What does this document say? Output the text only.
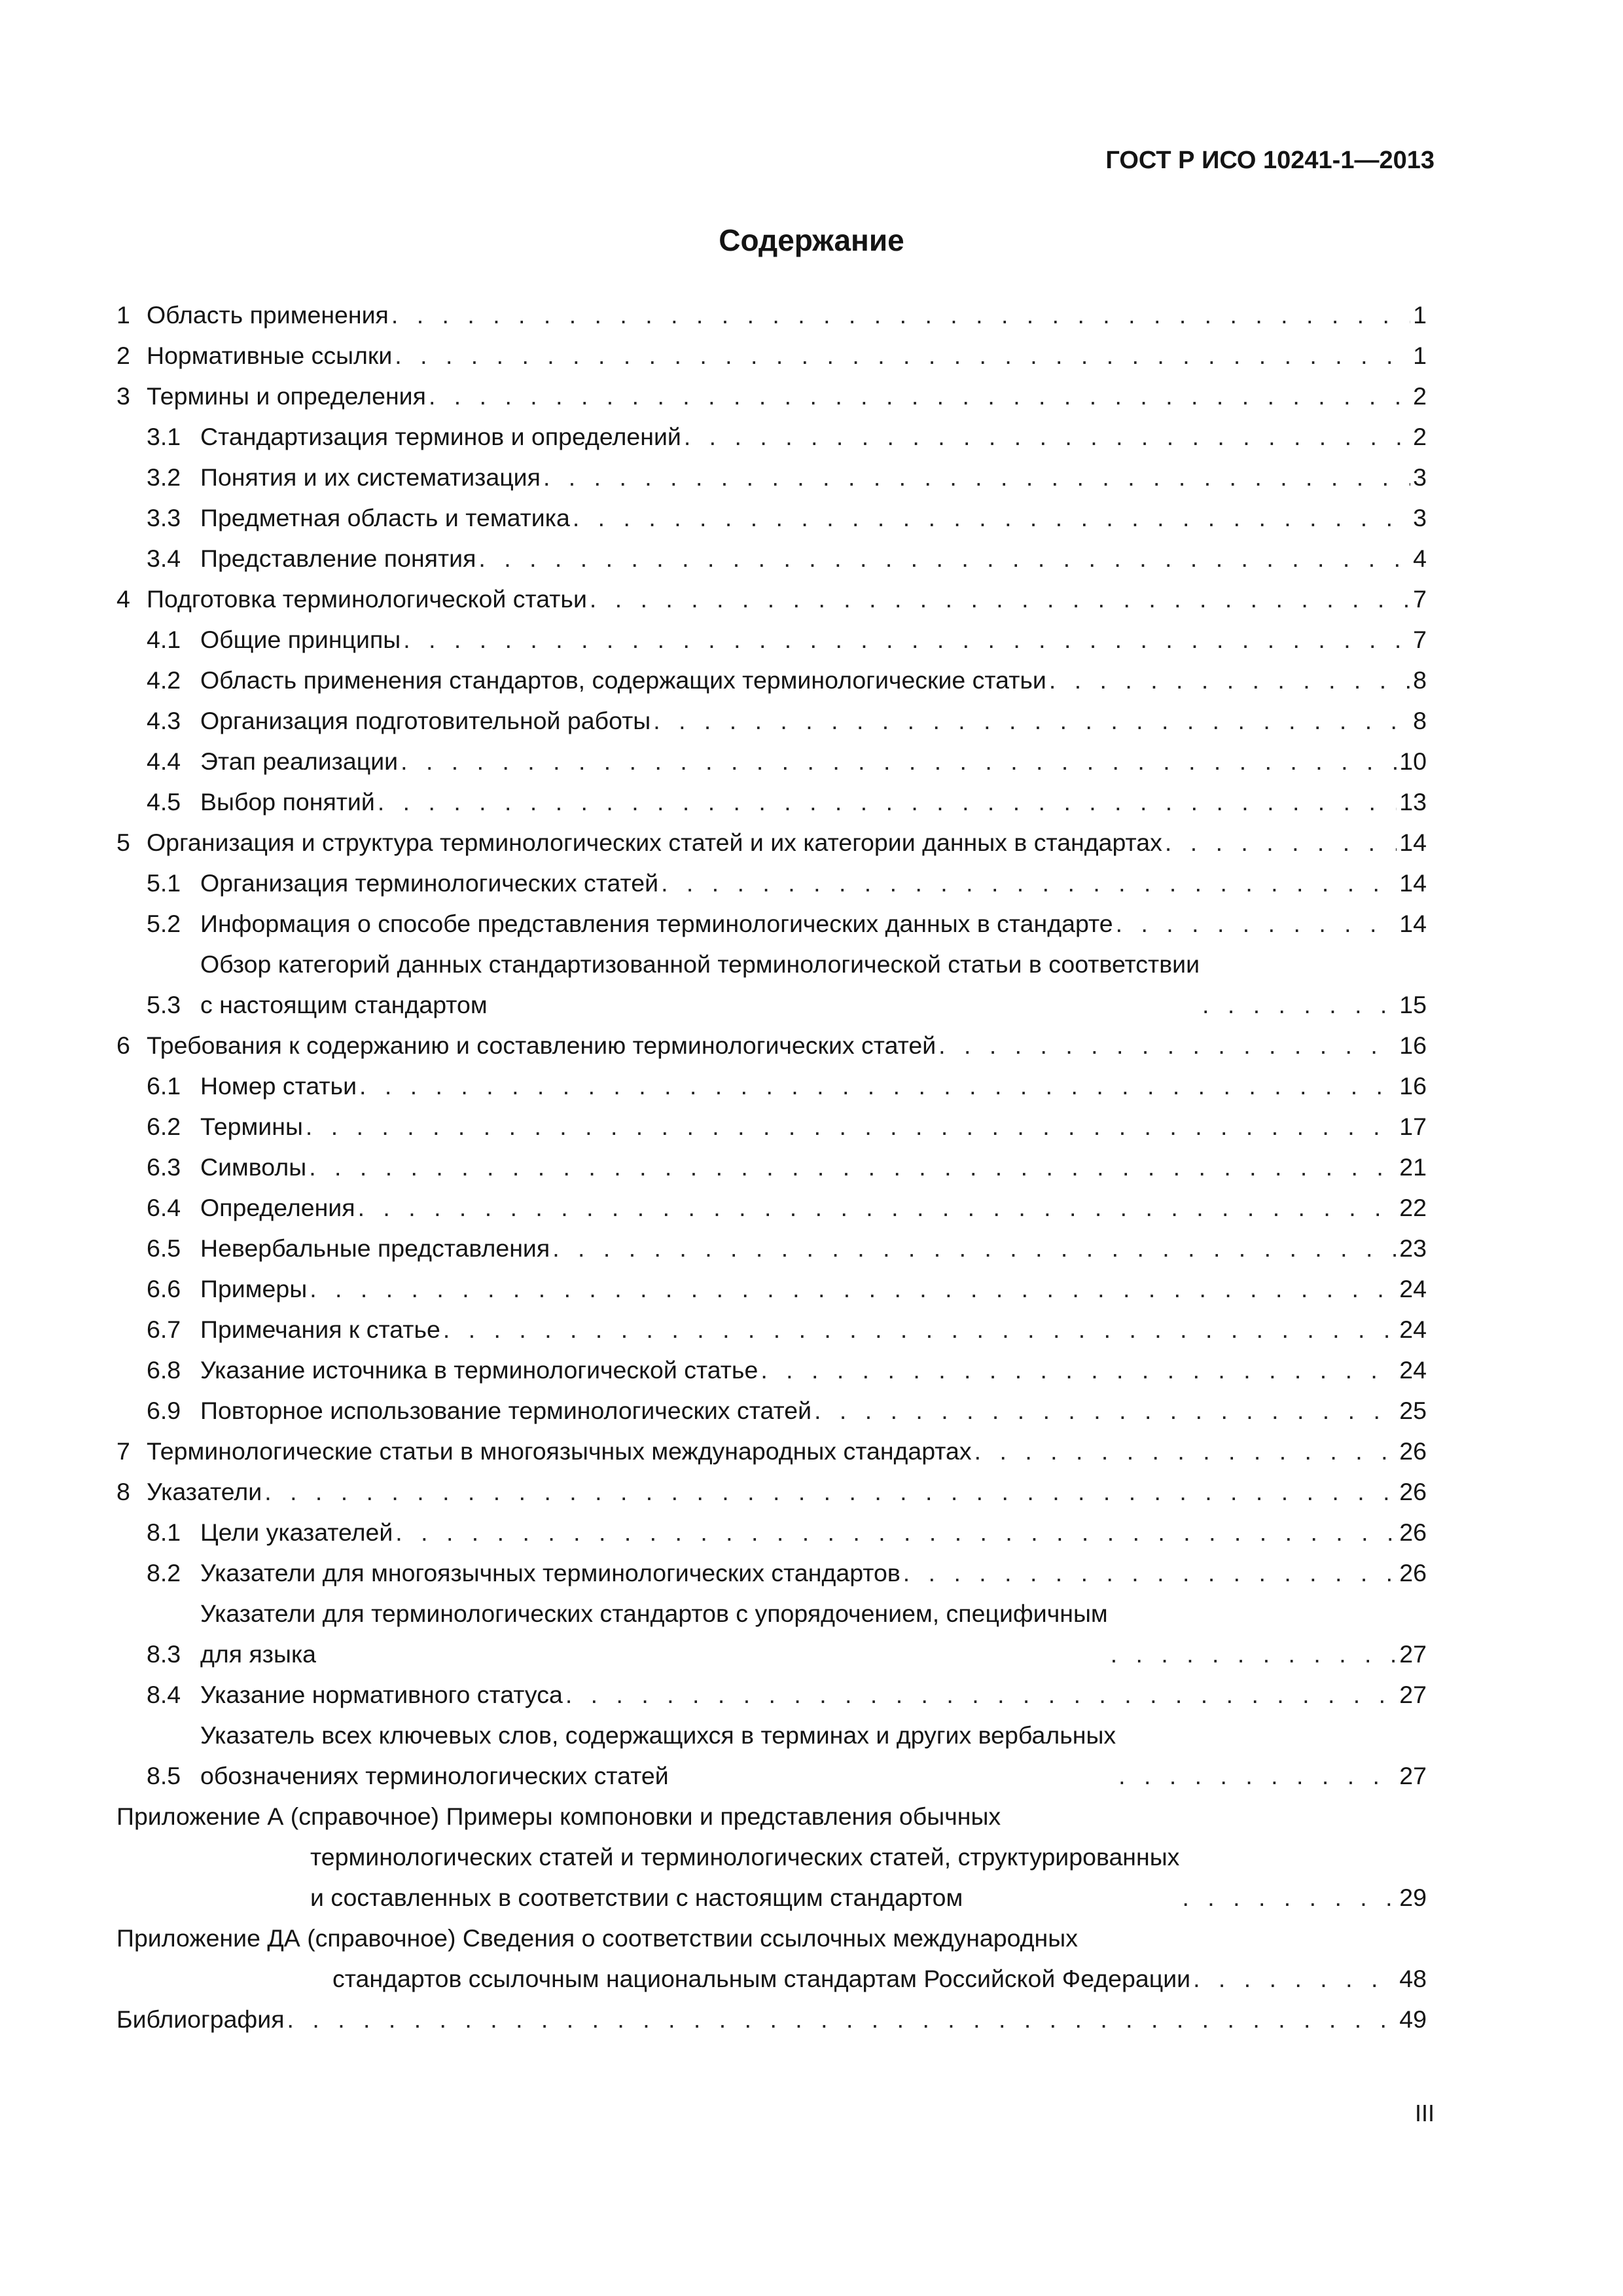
ГОСТ Р ИСО 10241-1—2013
Содержание
1 Область применения . . .	1
2 Нормативные ссылки . . .	1
3 Термины и определения . . .	2
3.1 Стандартизация терминов и определений . . .	2
3.2 Понятия и их систематизация . . .	3
3.3 Предметная область и тематика . . .	3
3.4 Представление понятия . . .	4
4 Подготовка терминологической статьи . . .	7
4.1 Общие принципы . . .	7
4.2 Область применения стандартов, содержащих терминологические статьи . . .	8
4.3 Организация подготовительной работы . . .	8
4.4 Этап реализации . . .	10
4.5 Выбор понятий . . .	13
5 Организация и структура терминологических статей и их категории данных в стандартах . . .	14
5.1 Организация терминологических статей . . .	14
5.2 Информация о способе представления терминологических данных в стандарте . . .	14
5.3
Обзор категорий данных стандартизованной терминологической статьи в соответствии
с настоящим стандартом . . .	15
6 Требования к содержанию и составлению терминологических статей . . .	16
6.1 Номер статьи . . .	16
6.2 Термины . . .	17
6.3 Символы . . .	21
6.4 Определения . . .	22
6.5 Невербальные представления . . .	23
6.6 Примеры . . .	24
6.7 Примечания к статье . . .	24
6.8 Указание источника в терминологической статье . . .	24
6.9 Повторное использование терминологических статей . . .	25
7 Терминологические статьи в многоязычных международных стандартах . . .	26
8 Указатели . . .	26
8.1 Цели указателей . . .	26
8.2 Указатели для многоязычных терминологических стандартов . . .	26
8.3
Указатели для терминологических стандартов с упорядочением, специфичным
для языка . . .	27
8.4 Указание нормативного статуса . . .	27
8.5
Указатель всех ключевых слов, содержащихся в терминах и других вербальных
обозначениях терминологических статей . . .	27
Приложение А (справочное) Примеры компоновки и представления обычных
терминологических статей и терминологических статей, структурированных
и составленных в соответствии с настоящим стандартом . . .	29
Приложение ДА (справочное) Сведения о соответствии ссылочных международных
стандартов ссылочным национальным стандартам Российской Федерации . . .	48
Библиография . . .	49
III
